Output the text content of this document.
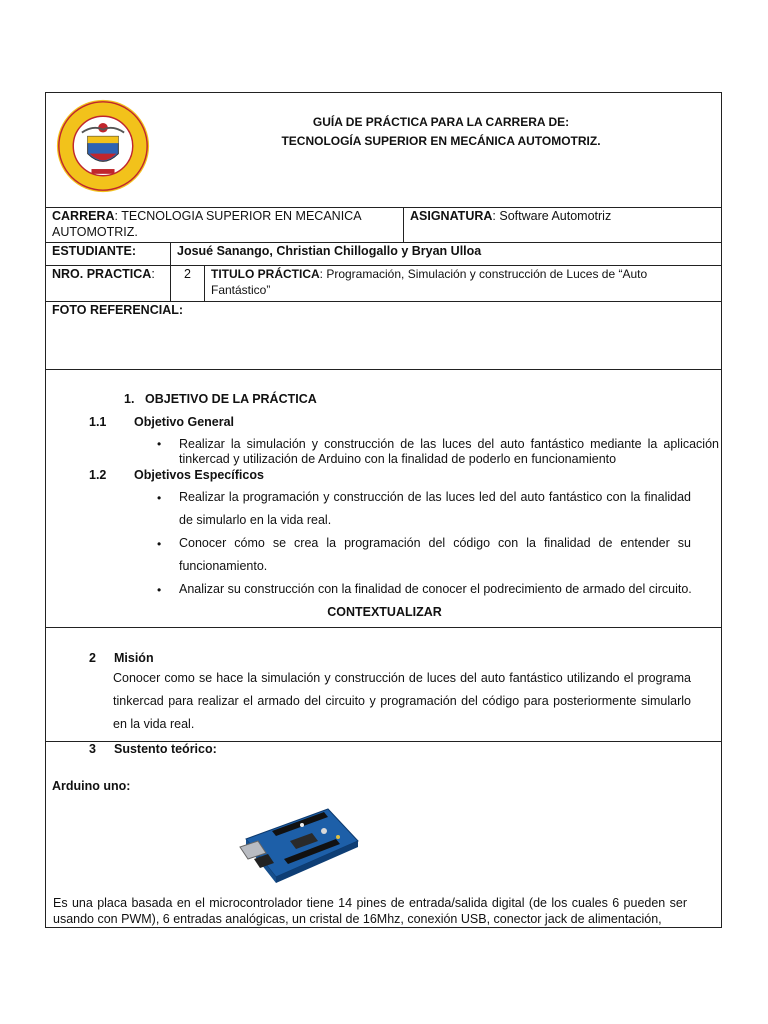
GUÍA DE PRÁCTICA PARA LA CARRERA DE:
TECNOLOGÍA SUPERIOR EN MECÁNICA AUTOMOTRIZ.
CARRERA: TECNOLOGIA SUPERIOR EN MECANICA AUTOMOTRIZ.
ASIGNATURA: Software Automotriz
ESTUDIANTE:	Josué Sanango, Christian Chillogallo y Bryan Ulloa
NRO. PRACTICA: 2 TITULO PRÁCTICA: Programación, Simulación y construcción de Luces de “Auto Fantástico”
FOTO REFERENCIAL:
1. OBJETIVO DE LA PRÁCTICA
1.1 Objetivo General
• Realizar la simulación y construcción de las luces del auto fantástico mediante la aplicación tinkercad y utilización de Arduino con la finalidad de poderlo en funcionamiento
1.2 Objetivos Específicos
• Realizar la programación y construcción de las luces led del auto fantástico con la finalidad de simularlo en la vida real.
• Conocer cómo se crea la programación del código con la finalidad de entender su funcionamiento.
• Analizar su construcción con la finalidad de conocer el podrecimiento de armado del circuito.
CONTEXTUALIZAR
2 Misión
Conocer como se hace la simulación y construcción de luces del auto fantástico utilizando el programa tinkercad para realizar el armado del circuito y programación del código para posteriormente simularlo en la vida real.
3 Sustento teórico:
Arduino uno:
Es una placa basada en el microcontrolador tiene 14 pines de entrada/salida digital (de los cuales 6 pueden ser usando con PWM), 6 entradas analógicas, un cristal de 16Mhz, conexión USB, conector jack de alimentación,
